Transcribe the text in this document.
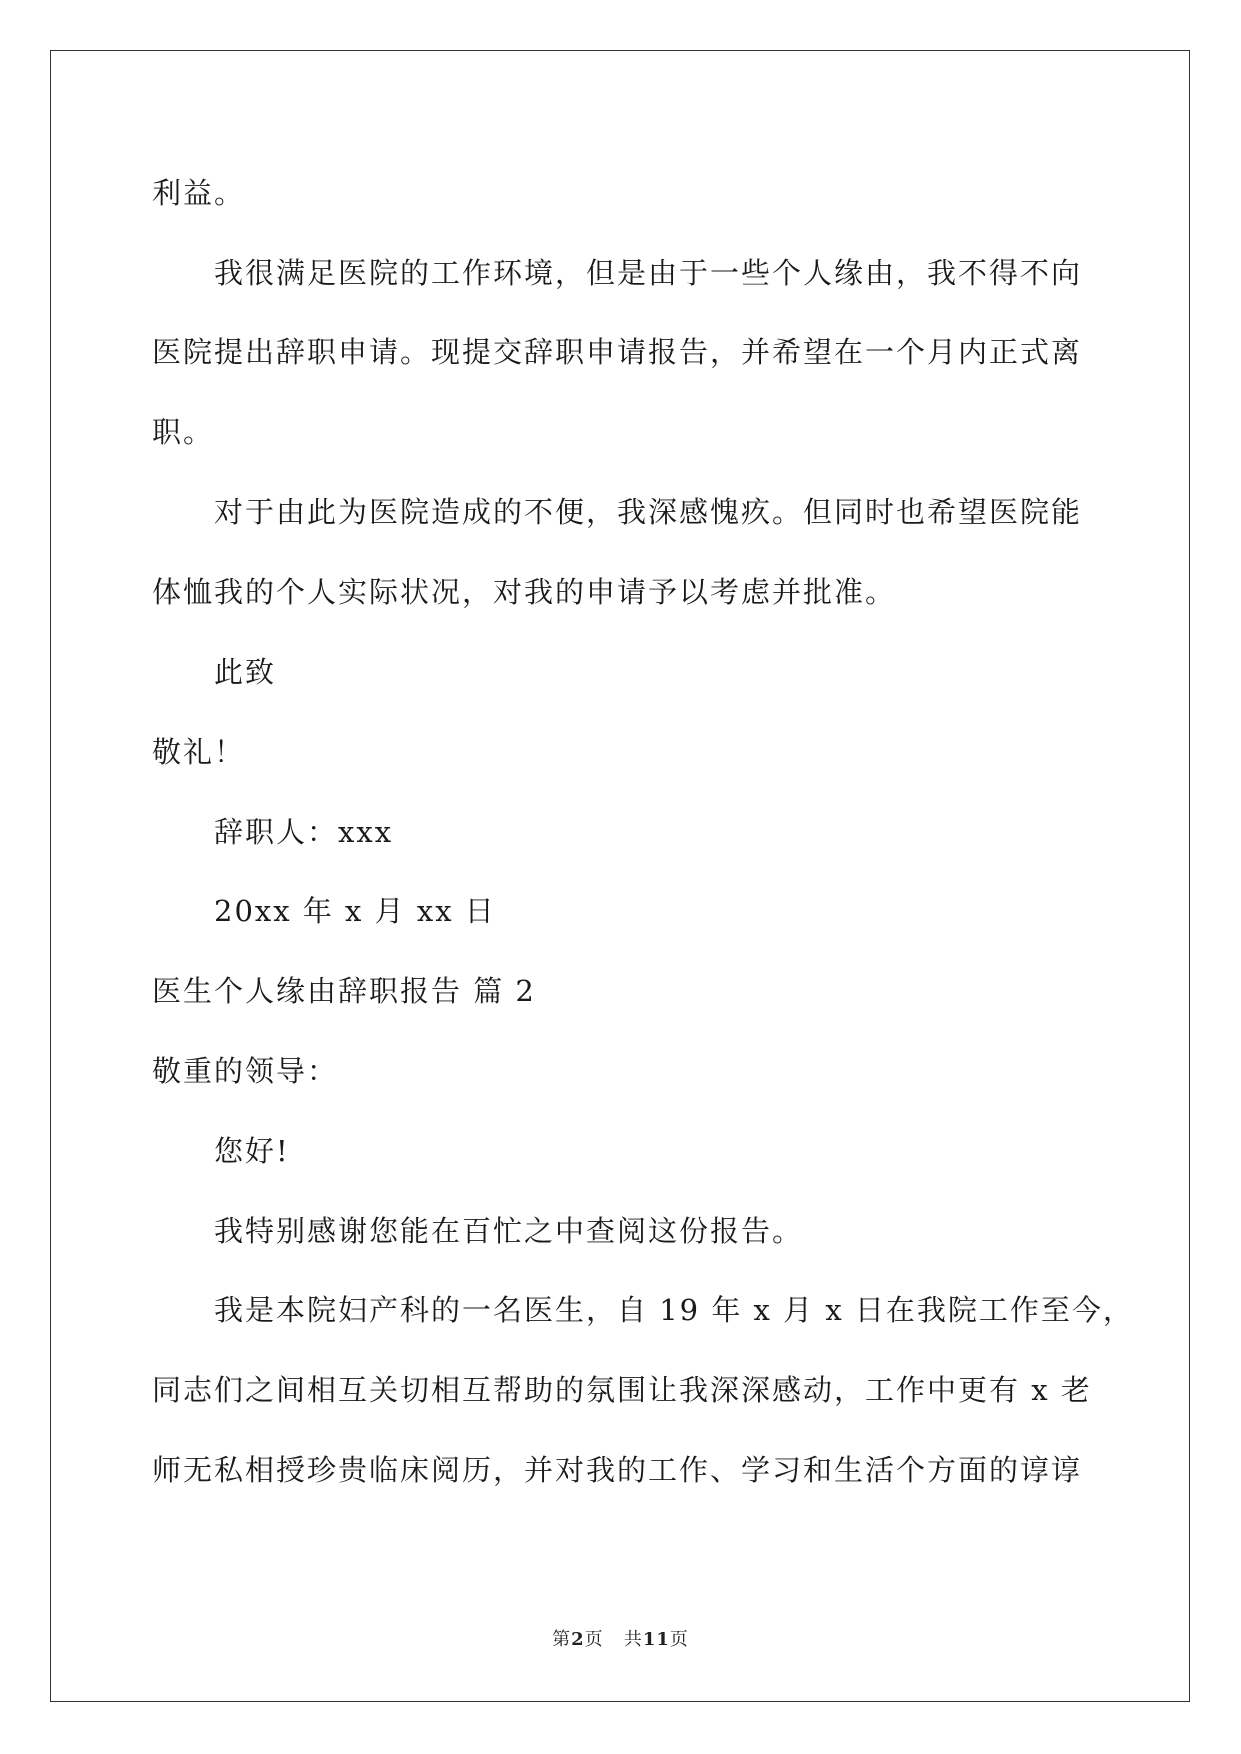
利益。
我很满足医院的工作环境，但是由于一些个人缘由，我不得不向
医院提出辞职申请。现提交辞职申请报告，并希望在一个月内正式离
职。
对于由此为医院造成的不便，我深感愧疚。但同时也希望医院能
体恤我的个人实际状况，对我的申请予以考虑并批准。
此致
敬礼！
辞职人：xxx
20xx 年 x 月 xx 日
医生个人缘由辞职报告 篇 2
敬重的领导：
您好!
我特别感谢您能在百忙之中查阅这份报告。
我是本院妇产科的一名医生，自 19 年 x 月 x 日在我院工作至今，
同志们之间相互关切相互帮助的氛围让我深深感动，工作中更有 x 老
师无私相授珍贵临床阅历，并对我的工作、学习和生活个方面的谆谆
第2页 共11页
